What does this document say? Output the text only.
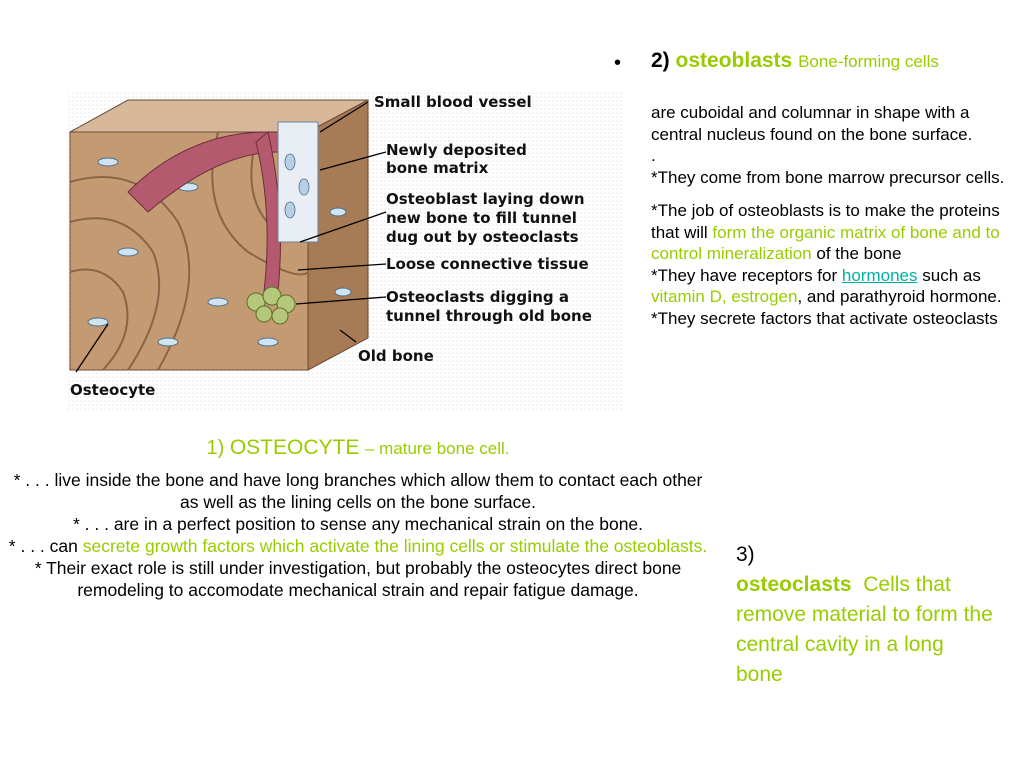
Small blood vessel
Newly deposited
bone matrix
Osteoblast laying down
new bone to fill tunnel
dug out by osteoclasts
Loose connective tissue
Osteoclasts digging a
tunnel through old bone
Old bone
Osteocyte
1) OSTEOCYTE – mature bone cell.

* . . . live inside the bone and have long branches which allow them to contact each other as well as the lining cells on the bone surface.

* . . . are in a perfect position to sense any mechanical strain on the bone.

* . . . can secrete growth factors which activate the lining cells or stimulate the osteoblasts.

* Their exact role is still under investigation, but probably the osteocytes direct bone remodeling to accomodate mechanical strain and repair fatigue damage.

• 2) osteoblasts Bone-forming cells

are cuboidal and columnar in shape with a central nucleus found on the bone surface.

.

*They come from bone marrow precursor cells.

*The job of osteoblasts is to make the proteins that will form the organic matrix of bone and to control mineralization of the bone

*They have receptors for hormones such as vitamin D, estrogen, and parathyroid hormone.

*They secrete factors that activate osteoclasts

3)
osteoclasts Cells that remove material to form the central cavity in a long bone
